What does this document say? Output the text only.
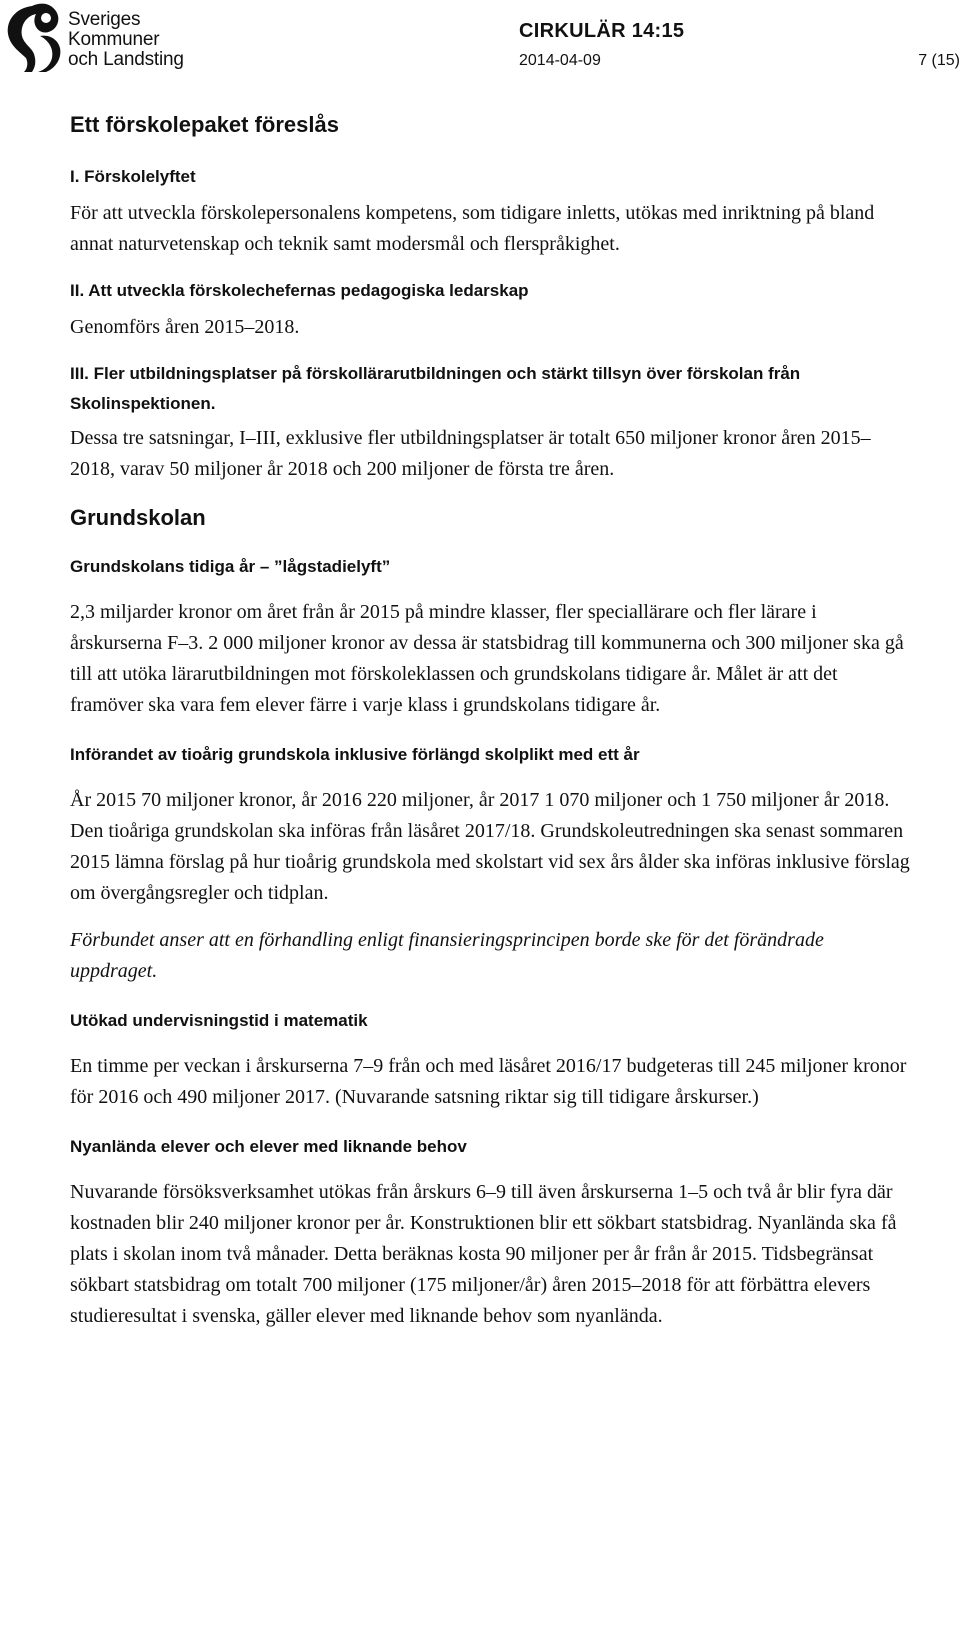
Sveriges
Kommuner
och Landsting
CIRKULÄR 14:15
2014-04-09	7 (15)
Ett förskolepaket föreslås
I. Förskolelyftet
För att utveckla förskolepersonalens kompetens, som tidigare inletts, utökas med inriktning på bland annat naturvetenskap och teknik samt modersmål och flerspråkighet.
II. Att utveckla förskolechefernas pedagogiska ledarskap
Genomförs åren 2015–2018.
III. Fler utbildningsplatser på förskollärarutbildningen och stärkt tillsyn över förskolan från Skolinspektionen.
Dessa tre satsningar, I–III, exklusive fler utbildningsplatser är totalt 650 miljoner kronor åren 2015–2018, varav 50 miljoner år 2018 och 200 miljoner de första tre åren.
Grundskolan
Grundskolans tidiga år – ”lågstadielyft”
2,3 miljarder kronor om året från år 2015 på mindre klasser, fler speciallärare och fler lärare i årskurserna F–3. 2 000 miljoner kronor av dessa är statsbidrag till kommunerna och 300 miljoner ska gå till att utöka lärarutbildningen mot förskoleklassen och grundskolans tidigare år. Målet är att det framöver ska vara fem elever färre i varje klass i grundskolans tidigare år.
Införandet av tioårig grundskola inklusive förlängd skolplikt med ett år
År 2015 70 miljoner kronor, år 2016 220 miljoner, år 2017 1 070 miljoner och 1 750 miljoner år 2018. Den tioåriga grundskolan ska införas från läsåret 2017/18. Grundskoleutredningen ska senast sommaren 2015 lämna förslag på hur tioårig grundskola med skolstart vid sex års ålder ska införas inklusive förslag om övergångsregler och tidplan.
Förbundet anser att en förhandling enligt finansieringsprincipen borde ske för det förändrade uppdraget.
Utökad undervisningstid i matematik
En timme per veckan i årskurserna 7–9 från och med läsåret 2016/17 budgeteras till 245 miljoner kronor för 2016 och 490 miljoner 2017. (Nuvarande satsning riktar sig till tidigare årskurser.)
Nyanlända elever och elever med liknande behov
Nuvarande försöksverksamhet utökas från årskurs 6–9 till även årskurserna 1–5 och två år blir fyra där kostnaden blir 240 miljoner kronor per år. Konstruktionen blir ett sökbart statsbidrag. Nyanlända ska få plats i skolan inom två månader. Detta beräknas kosta 90 miljoner per år från år 2015. Tidsbegränsat sökbart statsbidrag om totalt 700 miljoner (175 miljoner/år) åren 2015–2018 för att förbättra elevers studieresultat i svenska, gäller elever med liknande behov som nyanlända.
